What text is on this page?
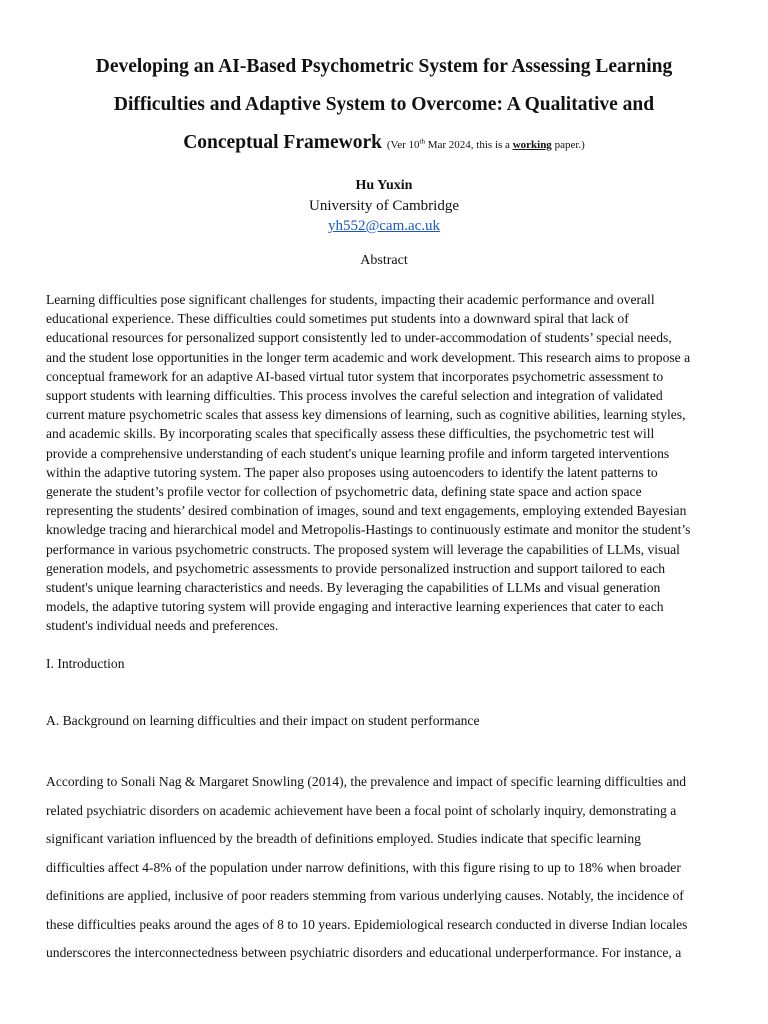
Developing an AI-Based Psychometric System for Assessing Learning
Difficulties and Adaptive System to Overcome: A Qualitative and
Conceptual Framework (Ver 10th Mar 2024, this is a working paper.)
Hu Yuxin
University of Cambridge
yh552@cam.ac.uk
Abstract
Learning difficulties pose significant challenges for students, impacting their academic performance and overall
educational experience. These difficulties could sometimes put students into a downward spiral that lack of
educational resources for personalized support consistently led to under-accommodation of students’ special needs,
and the student lose opportunities in the longer term academic and work development. This research aims to propose a
conceptual framework for an adaptive AI-based virtual tutor system that incorporates psychometric assessment to
support students with learning difficulties. This process involves the careful selection and integration of validated
current mature psychometric scales that assess key dimensions of learning, such as cognitive abilities, learning styles,
and academic skills. By incorporating scales that specifically assess these difficulties, the psychometric test will
provide a comprehensive understanding of each student's unique learning profile and inform targeted interventions
within the adaptive tutoring system. The paper also proposes using autoencoders to identify the latent patterns to
generate the student’s profile vector for collection of psychometric data, defining state space and action space
representing the students’ desired combination of images, sound and text engagements, employing extended Bayesian
knowledge tracing and hierarchical model and Metropolis-Hastings to continuously estimate and monitor the student’s
performance in various psychometric constructs. The proposed system will leverage the capabilities of LLMs, visual
generation models, and psychometric assessments to provide personalized instruction and support tailored to each
student's unique learning characteristics and needs. By leveraging the capabilities of LLMs and visual generation
models, the adaptive tutoring system will provide engaging and interactive learning experiences that cater to each
student's individual needs and preferences.
I. Introduction
A. Background on learning difficulties and their impact on student performance
According to Sonali Nag & Margaret Snowling (2014), the prevalence and impact of specific learning difficulties and
related psychiatric disorders on academic achievement have been a focal point of scholarly inquiry, demonstrating a
significant variation influenced by the breadth of definitions employed. Studies indicate that specific learning
difficulties affect 4-8% of the population under narrow definitions, with this figure rising to up to 18% when broader
definitions are applied, inclusive of poor readers stemming from various underlying causes. Notably, the incidence of
these difficulties peaks around the ages of 8 to 10 years. Epidemiological research conducted in diverse Indian locales
underscores the interconnectedness between psychiatric disorders and educational underperformance. For instance, a
